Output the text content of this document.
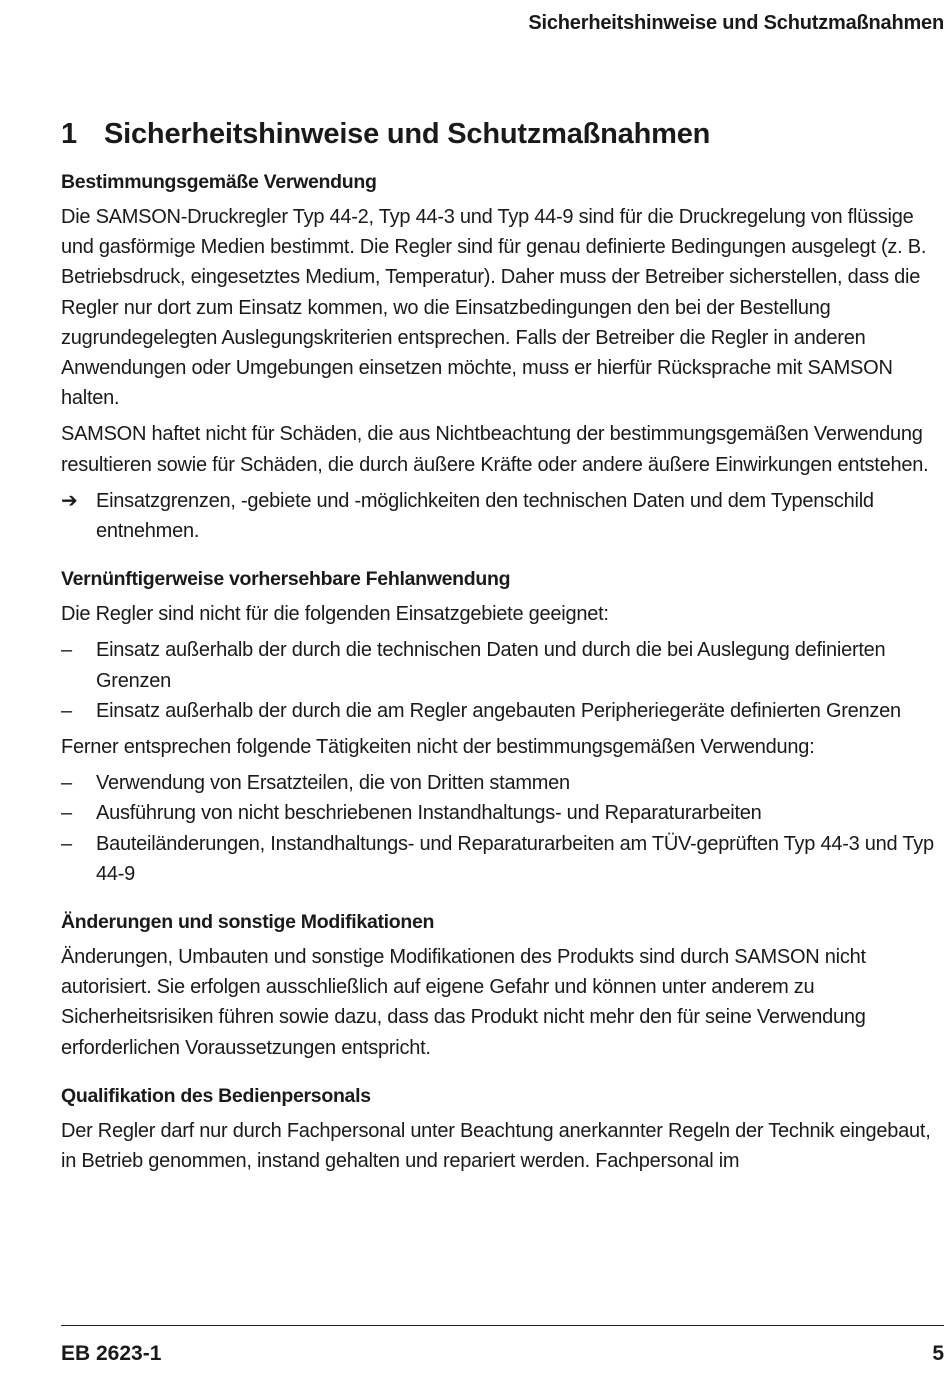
Sicherheitshinweise und Schutzmaßnahmen
1 Sicherheitshinweise und Schutzmaßnahmen
Bestimmungsgemäße Verwendung

Die SAMSON-Druckregler Typ 44-2, Typ 44-3 und Typ 44-9 sind für die Druckregelung von flüssige und gasförmige Medien bestimmt. Die Regler sind für genau definierte Bedingungen ausgelegt (z. B. Betriebsdruck, eingesetztes Medium, Temperatur). Daher muss der Betreiber sicherstellen, dass die Regler nur dort zum Einsatz kommen, wo die Einsatzbedingungen den bei der Bestellung zugrundegelegten Auslegungskriterien entsprechen. Falls der Betreiber die Regler in anderen Anwendungen oder Umgebungen einsetzen möchte, muss er hierfür Rücksprache mit SAMSON halten.

SAMSON haftet nicht für Schäden, die aus Nichtbeachtung der bestimmungsgemäßen Verwendung resultieren sowie für Schäden, die durch äußere Kräfte oder andere äußere Einwirkungen entstehen.

➔ Einsatzgrenzen, -gebiete und -möglichkeiten den technischen Daten und dem Typenschild entnehmen.
Vernünftigerweise vorhersehbare Fehlanwendung

Die Regler sind nicht für die folgenden Einsatzgebiete geeignet:

–	Einsatz außerhalb der durch die technischen Daten und durch die bei Auslegung definierten Grenzen
–	Einsatz außerhalb der durch die am Regler angebauten Peripheriegeräte definierten Grenzen

Ferner entsprechen folgende Tätigkeiten nicht der bestimmungsgemäßen Verwendung:

–	Verwendung von Ersatzteilen, die von Dritten stammen
–	Ausführung von nicht beschriebenen Instandhaltungs- und Reparaturarbeiten
–	Bauteiländerungen, Instandhaltungs- und Reparaturarbeiten am TÜV-geprüften Typ 44-3 und Typ 44-9
Änderungen und sonstige Modifikationen

Änderungen, Umbauten und sonstige Modifikationen des Produkts sind durch SAMSON nicht autorisiert. Sie erfolgen ausschließlich auf eigene Gefahr und können unter anderem zu Sicherheitsrisiken führen sowie dazu, dass das Produkt nicht mehr den für seine Verwendung erforderlichen Voraussetzungen entspricht.

Qualifikation des Bedienpersonals

Der Regler darf nur durch Fachpersonal unter Beachtung anerkannter Regeln der Technik eingebaut, in Betrieb genommen, instand gehalten und repariert werden. Fachpersonal im

EB 2623-1	5
